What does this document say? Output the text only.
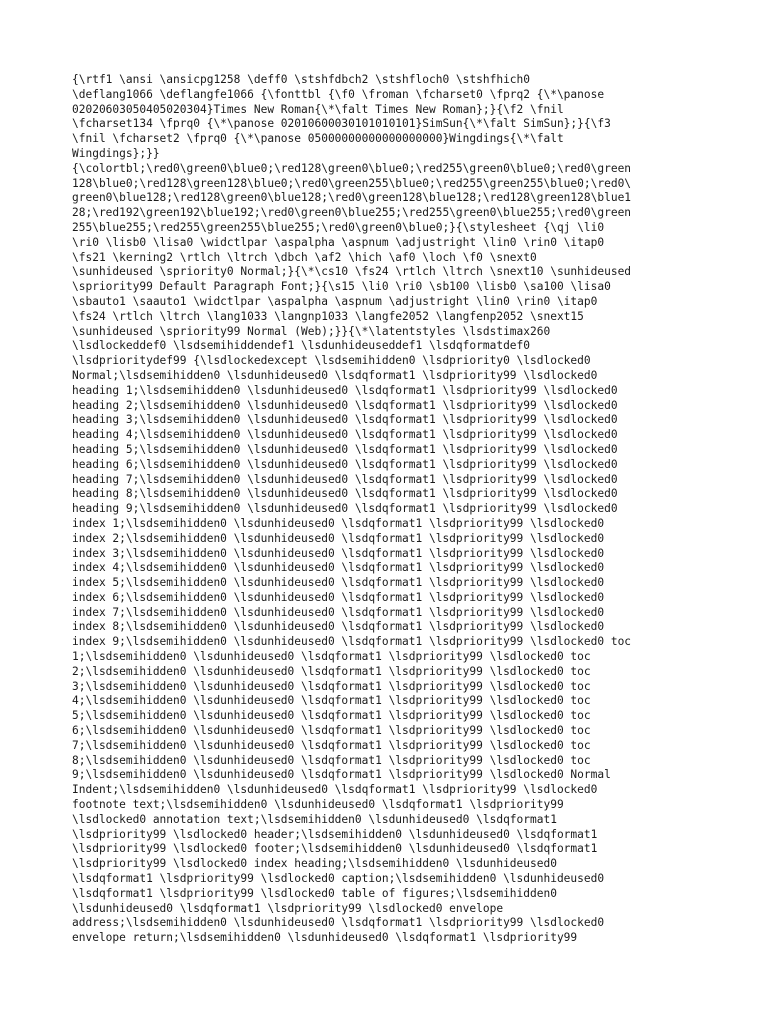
{\rtf1 \ansi \ansicpg1258 \deff0 \stshfdbch2 \stshfloch0 \stshfhich0
\deflang1066 \deflangfe1066 {\fonttbl {\f0 \froman \fcharset0 \fprq2 {\*\panose
02020603050405020304}Times New Roman{\*\falt Times New Roman};}{\f2 \fnil
\fcharset134 \fprq0 {\*\panose 02010600030101010101}SimSun{\*\falt SimSun};}{\f3
\fnil \fcharset2 \fprq0 {\*\panose 05000000000000000000}Wingdings{\*\falt
Wingdings};}}
{\colortbl;\red0\green0\blue0;\red128\green0\blue0;\red255\green0\blue0;\red0\green
128\blue0;\red128\green128\blue0;\red0\green255\blue0;\red255\green255\blue0;\red0\
green0\blue128;\red128\green0\blue128;\red0\green128\blue128;\red128\green128\blue1
28;\red192\green192\blue192;\red0\green0\blue255;\red255\green0\blue255;\red0\green
255\blue255;\red255\green255\blue255;\red0\green0\blue0;}{\stylesheet {\qj \li0
\ri0 \lisb0 \lisa0 \widctlpar \aspalpha \aspnum \adjustright \lin0 \rin0 \itap0
\fs21 \kerning2 \rtlch \ltrch \dbch \af2 \hich \af0 \loch \f0 \snext0
\sunhideused \spriority0 Normal;}{\*\cs10 \fs24 \rtlch \ltrch \snext10 \sunhideused
\spriority99 Default Paragraph Font;}{\s15 \li0 \ri0 \sb100 \lisb0 \sa100 \lisa0
\sbauto1 \saauto1 \widctlpar \aspalpha \aspnum \adjustright \lin0 \rin0 \itap0
\fs24 \rtlch \ltrch \lang1033 \langnp1033 \langfe2052 \langfenp2052 \snext15
\sunhideused \spriority99 Normal (Web);}}{\*\latentstyles \lsdstimax260
\lsdlockeddef0 \lsdsemihiddendef1 \lsdunhideuseddef1 \lsdqformatdef0
\lsdprioritydef99 {\lsdlockedexcept \lsdsemihidden0 \lsdpriority0 \lsdlocked0
Normal;\lsdsemihidden0 \lsdunhideused0 \lsdqformat1 \lsdpriority99 \lsdlocked0
heading 1;\lsdsemihidden0 \lsdunhideused0 \lsdqformat1 \lsdpriority99 \lsdlocked0
heading 2;\lsdsemihidden0 \lsdunhideused0 \lsdqformat1 \lsdpriority99 \lsdlocked0
heading 3;\lsdsemihidden0 \lsdunhideused0 \lsdqformat1 \lsdpriority99 \lsdlocked0
heading 4;\lsdsemihidden0 \lsdunhideused0 \lsdqformat1 \lsdpriority99 \lsdlocked0
heading 5;\lsdsemihidden0 \lsdunhideused0 \lsdqformat1 \lsdpriority99 \lsdlocked0
heading 6;\lsdsemihidden0 \lsdunhideused0 \lsdqformat1 \lsdpriority99 \lsdlocked0
heading 7;\lsdsemihidden0 \lsdunhideused0 \lsdqformat1 \lsdpriority99 \lsdlocked0
heading 8;\lsdsemihidden0 \lsdunhideused0 \lsdqformat1 \lsdpriority99 \lsdlocked0
heading 9;\lsdsemihidden0 \lsdunhideused0 \lsdqformat1 \lsdpriority99 \lsdlocked0
index 1;\lsdsemihidden0 \lsdunhideused0 \lsdqformat1 \lsdpriority99 \lsdlocked0
index 2;\lsdsemihidden0 \lsdunhideused0 \lsdqformat1 \lsdpriority99 \lsdlocked0
index 3;\lsdsemihidden0 \lsdunhideused0 \lsdqformat1 \lsdpriority99 \lsdlocked0
index 4;\lsdsemihidden0 \lsdunhideused0 \lsdqformat1 \lsdpriority99 \lsdlocked0
index 5;\lsdsemihidden0 \lsdunhideused0 \lsdqformat1 \lsdpriority99 \lsdlocked0
index 6;\lsdsemihidden0 \lsdunhideused0 \lsdqformat1 \lsdpriority99 \lsdlocked0
index 7;\lsdsemihidden0 \lsdunhideused0 \lsdqformat1 \lsdpriority99 \lsdlocked0
index 8;\lsdsemihidden0 \lsdunhideused0 \lsdqformat1 \lsdpriority99 \lsdlocked0
index 9;\lsdsemihidden0 \lsdunhideused0 \lsdqformat1 \lsdpriority99 \lsdlocked0 toc
1;\lsdsemihidden0 \lsdunhideused0 \lsdqformat1 \lsdpriority99 \lsdlocked0 toc
2;\lsdsemihidden0 \lsdunhideused0 \lsdqformat1 \lsdpriority99 \lsdlocked0 toc
3;\lsdsemihidden0 \lsdunhideused0 \lsdqformat1 \lsdpriority99 \lsdlocked0 toc
4;\lsdsemihidden0 \lsdunhideused0 \lsdqformat1 \lsdpriority99 \lsdlocked0 toc
5;\lsdsemihidden0 \lsdunhideused0 \lsdqformat1 \lsdpriority99 \lsdlocked0 toc
6;\lsdsemihidden0 \lsdunhideused0 \lsdqformat1 \lsdpriority99 \lsdlocked0 toc
7;\lsdsemihidden0 \lsdunhideused0 \lsdqformat1 \lsdpriority99 \lsdlocked0 toc
8;\lsdsemihidden0 \lsdunhideused0 \lsdqformat1 \lsdpriority99 \lsdlocked0 toc
9;\lsdsemihidden0 \lsdunhideused0 \lsdqformat1 \lsdpriority99 \lsdlocked0 Normal
Indent;\lsdsemihidden0 \lsdunhideused0 \lsdqformat1 \lsdpriority99 \lsdlocked0
footnote text;\lsdsemihidden0 \lsdunhideused0 \lsdqformat1 \lsdpriority99
\lsdlocked0 annotation text;\lsdsemihidden0 \lsdunhideused0 \lsdqformat1
\lsdpriority99 \lsdlocked0 header;\lsdsemihidden0 \lsdunhideused0 \lsdqformat1
\lsdpriority99 \lsdlocked0 footer;\lsdsemihidden0 \lsdunhideused0 \lsdqformat1
\lsdpriority99 \lsdlocked0 index heading;\lsdsemihidden0 \lsdunhideused0
\lsdqformat1 \lsdpriority99 \lsdlocked0 caption;\lsdsemihidden0 \lsdunhideused0
\lsdqformat1 \lsdpriority99 \lsdlocked0 table of figures;\lsdsemihidden0
\lsdunhideused0 \lsdqformat1 \lsdpriority99 \lsdlocked0 envelope
address;\lsdsemihidden0 \lsdunhideused0 \lsdqformat1 \lsdpriority99 \lsdlocked0
envelope return;\lsdsemihidden0 \lsdunhideused0 \lsdqformat1 \lsdpriority99
